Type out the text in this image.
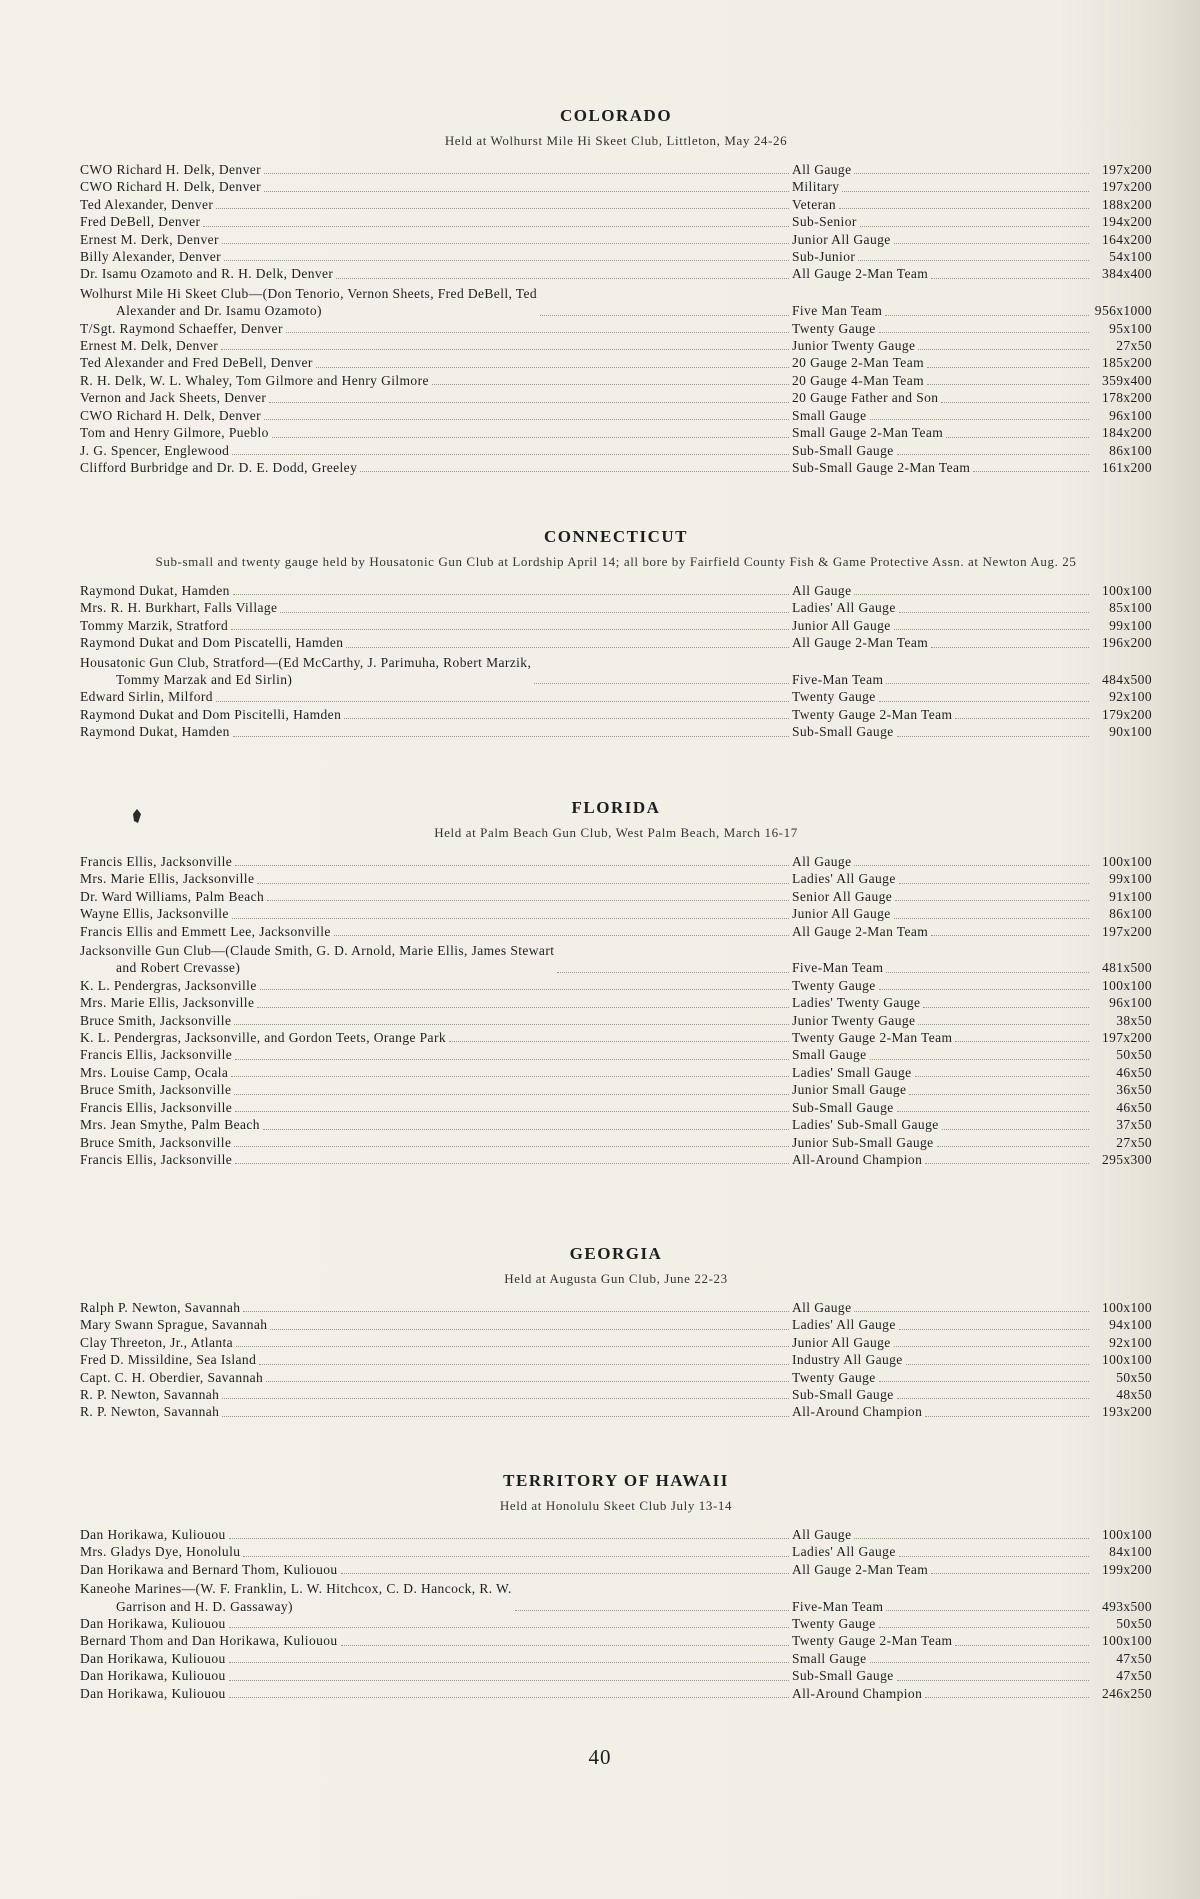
COLORADO
Held at Wolhurst Mile Hi Skeet Club, Littleton, May 24-26
CWO Richard H. Delk, Denver	All Gauge	197x200
CWO Richard H. Delk, Denver	Military	197x200
Ted Alexander, Denver	Veteran	188x200
Fred DeBell, Denver	Sub-Senior	194x200
Ernest M. Derk, Denver	Junior All Gauge	164x200
Billy Alexander, Denver	Sub-Junior	54x100
Dr. Isamu Ozamoto and R. H. Delk, Denver	All Gauge 2-Man Team	384x400
Wolhurst Mile Hi Skeet Club—(Don Tenorio, Vernon Sheets, Fred DeBell, Ted
Alexander and Dr. Isamu Ozamoto)	Five Man Team	956x1000
T/Sgt. Raymond Schaeffer, Denver	Twenty Gauge	95x100
Ernest M. Delk, Denver	Junior Twenty Gauge	27x50
Ted Alexander and Fred DeBell, Denver	20 Gauge 2-Man Team	185x200
R. H. Delk, W. L. Whaley, Tom Gilmore and Henry Gilmore	20 Gauge 4-Man Team	359x400
Vernon and Jack Sheets, Denver	20 Gauge Father and Son	178x200
CWO Richard H. Delk, Denver	Small Gauge	96x100
Tom and Henry Gilmore, Pueblo	Small Gauge 2-Man Team	184x200
J. G. Spencer, Englewood	Sub-Small Gauge	86x100
Clifford Burbridge and Dr. D. E. Dodd, Greeley	Sub-Small Gauge 2-Man Team	161x200
CONNECTICUT
Sub-small and twenty gauge held by Housatonic Gun Club at Lordship April 14; all bore by Fairfield County Fish & Game Protective Assn. at Newton Aug. 25
Raymond Dukat, Hamden	All Gauge	100x100
Mrs. R. H. Burkhart, Falls Village	Ladies' All Gauge	85x100
Tommy Marzik, Stratford	Junior All Gauge	99x100
Raymond Dukat and Dom Piscatelli, Hamden	All Gauge 2-Man Team	196x200
Housatonic Gun Club, Stratford—(Ed McCarthy, J. Parimuha, Robert Marzik,
Tommy Marzak and Ed Sirlin)	Five-Man Team	484x500
Edward Sirlin, Milford	Twenty Gauge	92x100
Raymond Dukat and Dom Piscitelli, Hamden	Twenty Gauge 2-Man Team	179x200
Raymond Dukat, Hamden	Sub-Small Gauge	90x100
FLORIDA
Held at Palm Beach Gun Club, West Palm Beach, March 16-17
Francis Ellis, Jacksonville	All Gauge	100x100
Mrs. Marie Ellis, Jacksonville	Ladies' All Gauge	99x100
Dr. Ward Williams, Palm Beach	Senior All Gauge	91x100
Wayne Ellis, Jacksonville	Junior All Gauge	86x100
Francis Ellis and Emmett Lee, Jacksonville	All Gauge 2-Man Team	197x200
Jacksonville Gun Club—(Claude Smith, G. D. Arnold, Marie Ellis, James Stewart
and Robert Crevasse)	Five-Man Team	481x500
K. L. Pendergras, Jacksonville	Twenty Gauge	100x100
Mrs. Marie Ellis, Jacksonville	Ladies' Twenty Gauge	96x100
Bruce Smith, Jacksonville	Junior Twenty Gauge	38x50
K. L. Pendergras, Jacksonville, and Gordon Teets, Orange Park	Twenty Gauge 2-Man Team	197x200
Francis Ellis, Jacksonville	Small Gauge	50x50
Mrs. Louise Camp, Ocala	Ladies' Small Gauge	46x50
Bruce Smith, Jacksonville	Junior Small Gauge	36x50
Francis Ellis, Jacksonville	Sub-Small Gauge	46x50
Mrs. Jean Smythe, Palm Beach	Ladies' Sub-Small Gauge	37x50
Bruce Smith, Jacksonville	Junior Sub-Small Gauge	27x50
Francis Ellis, Jacksonville	All-Around Champion	295x300
GEORGIA
Held at Augusta Gun Club, June 22-23
Ralph P. Newton, Savannah	All Gauge	100x100
Mary Swann Sprague, Savannah	Ladies' All Gauge	94x100
Clay Threeton, Jr., Atlanta	Junior All Gauge	92x100
Fred D. Missildine, Sea Island	Industry All Gauge	100x100
Capt. C. H. Oberdier, Savannah	Twenty Gauge	50x50
R. P. Newton, Savannah	Sub-Small Gauge	48x50
R. P. Newton, Savannah	All-Around Champion	193x200
TERRITORY OF HAWAII
Held at Honolulu Skeet Club July 13-14
Dan Horikawa, Kuliouou	All Gauge	100x100
Mrs. Gladys Dye, Honolulu	Ladies' All Gauge	84x100
Dan Horikawa and Bernard Thom, Kuliouou	All Gauge 2-Man Team	199x200
Kaneohe Marines—(W. F. Franklin, L. W. Hitchcox, C. D. Hancock, R. W.
Garrison and H. D. Gassaway)	Five-Man Team	493x500
Dan Horikawa, Kuliouou	Twenty Gauge	50x50
Bernard Thom and Dan Horikawa, Kuliouou	Twenty Gauge 2-Man Team	100x100
Dan Horikawa, Kuliouou	Small Gauge	47x50
Dan Horikawa, Kuliouou	Sub-Small Gauge	47x50
Dan Horikawa, Kuliouou	All-Around Champion	246x250
40
